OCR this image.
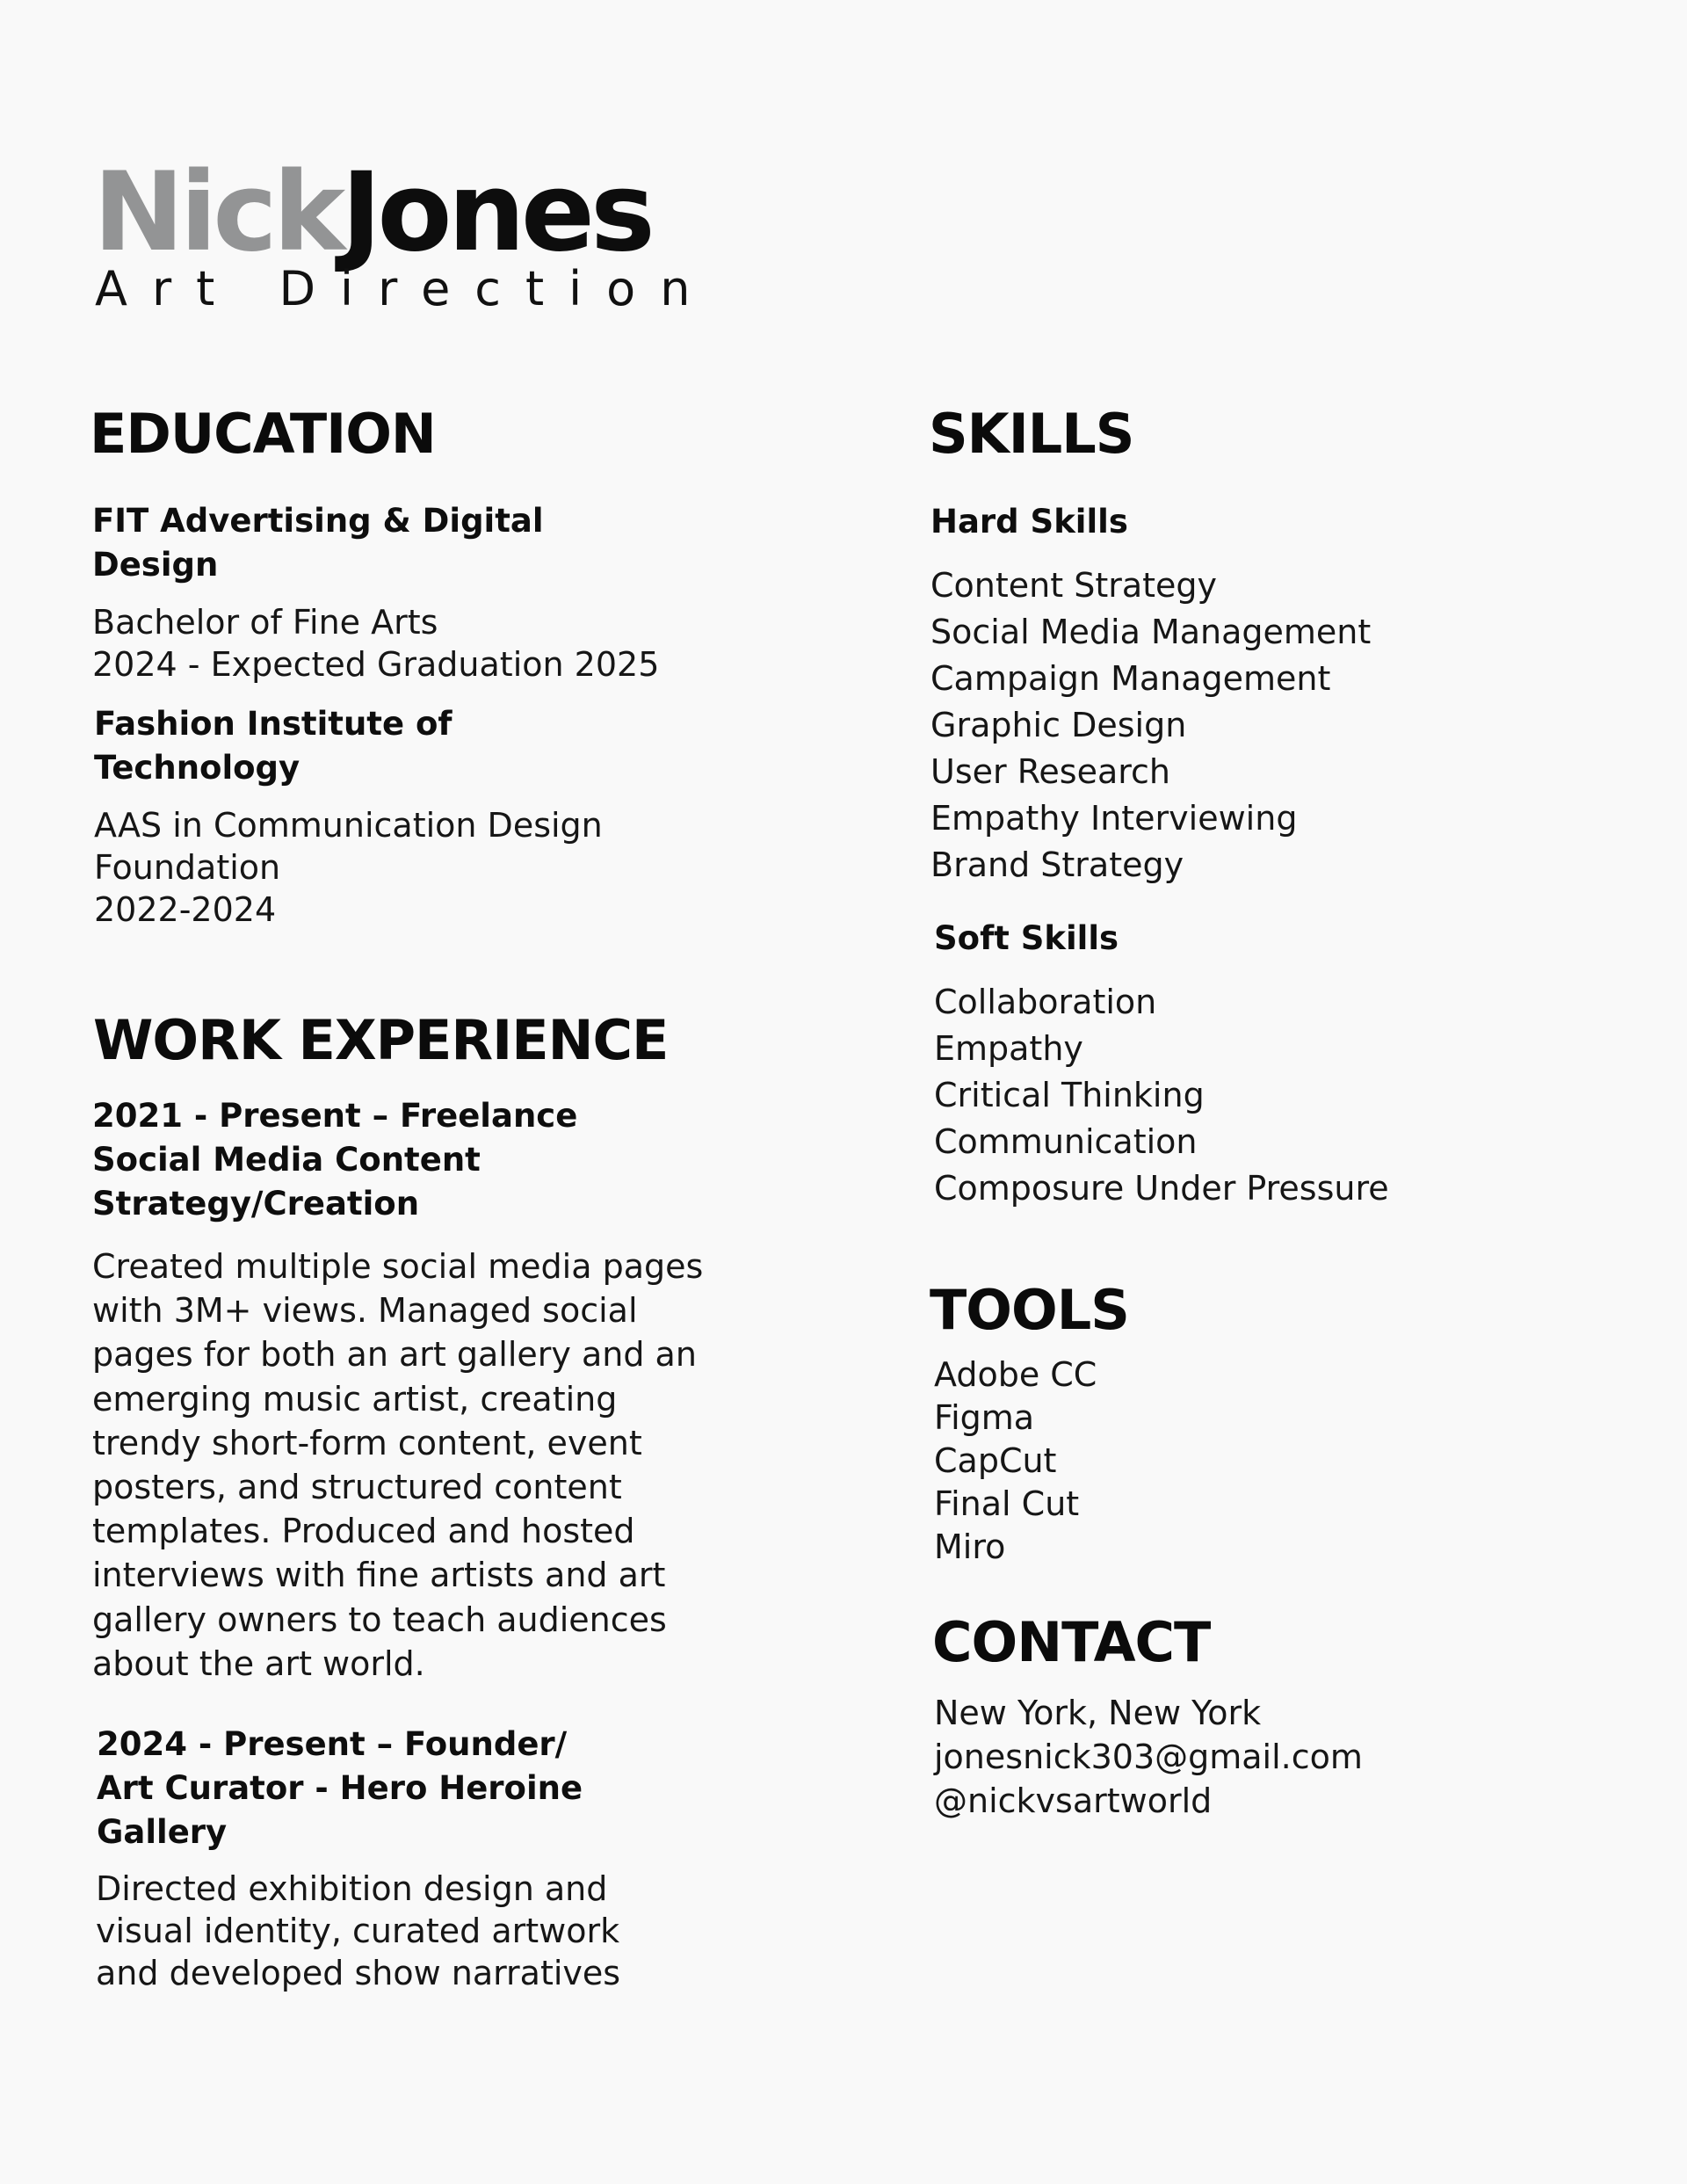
NickJones
Art Direction
EDUCATION
FIT Advertising & Digital
Design
Bachelor of Fine Arts
2024 - Expected Graduation 2025
Fashion Institute of
Technology
AAS in Communication Design
Foundation
2022-2024
WORK EXPERIENCE
2021 - Present – Freelance
Social Media Content
Strategy/Creation
Created multiple social media pages
with 3M+ views. Managed social
pages for both an art gallery and an
emerging music artist, creating
trendy short-form content, event
posters, and structured content
templates. Produced and hosted
interviews with fine artists and art
gallery owners to teach audiences
about the art world.
2024 - Present – Founder/
Art Curator - Hero Heroine
Gallery
Directed exhibition design and
visual identity, curated artwork
and developed show narratives
SKILLS
Hard Skills
Content Strategy
Social Media Management
Campaign Management
Graphic Design
User Research
Empathy Interviewing
Brand Strategy
Soft Skills
Collaboration
Empathy
Critical Thinking
Communication
Composure Under Pressure
TOOLS
Adobe CC
Figma
CapCut
Final Cut
Miro
CONTACT
New York, New York
jonesnick303@gmail.com
@nickvsartworld
